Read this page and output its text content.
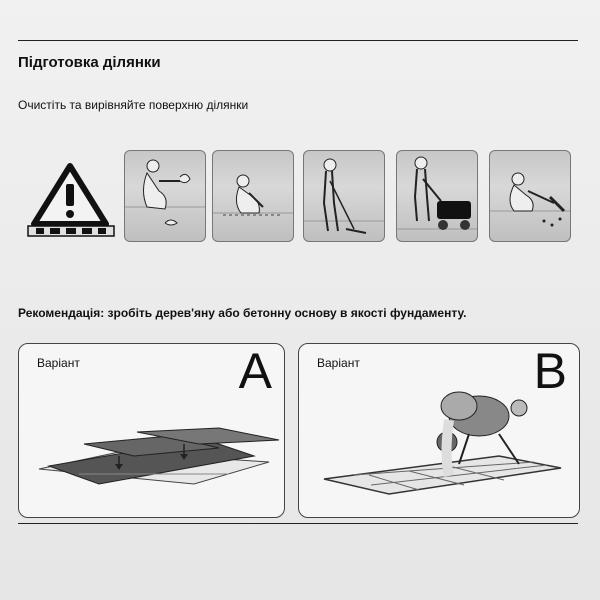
Підготовка ділянки
Очистіть та вирівняйте поверхню ділянки
Рекомендація: зробіть дерев'яну або бетонну основу в якості фундаменту.
Варіант	A	Варіант	B
